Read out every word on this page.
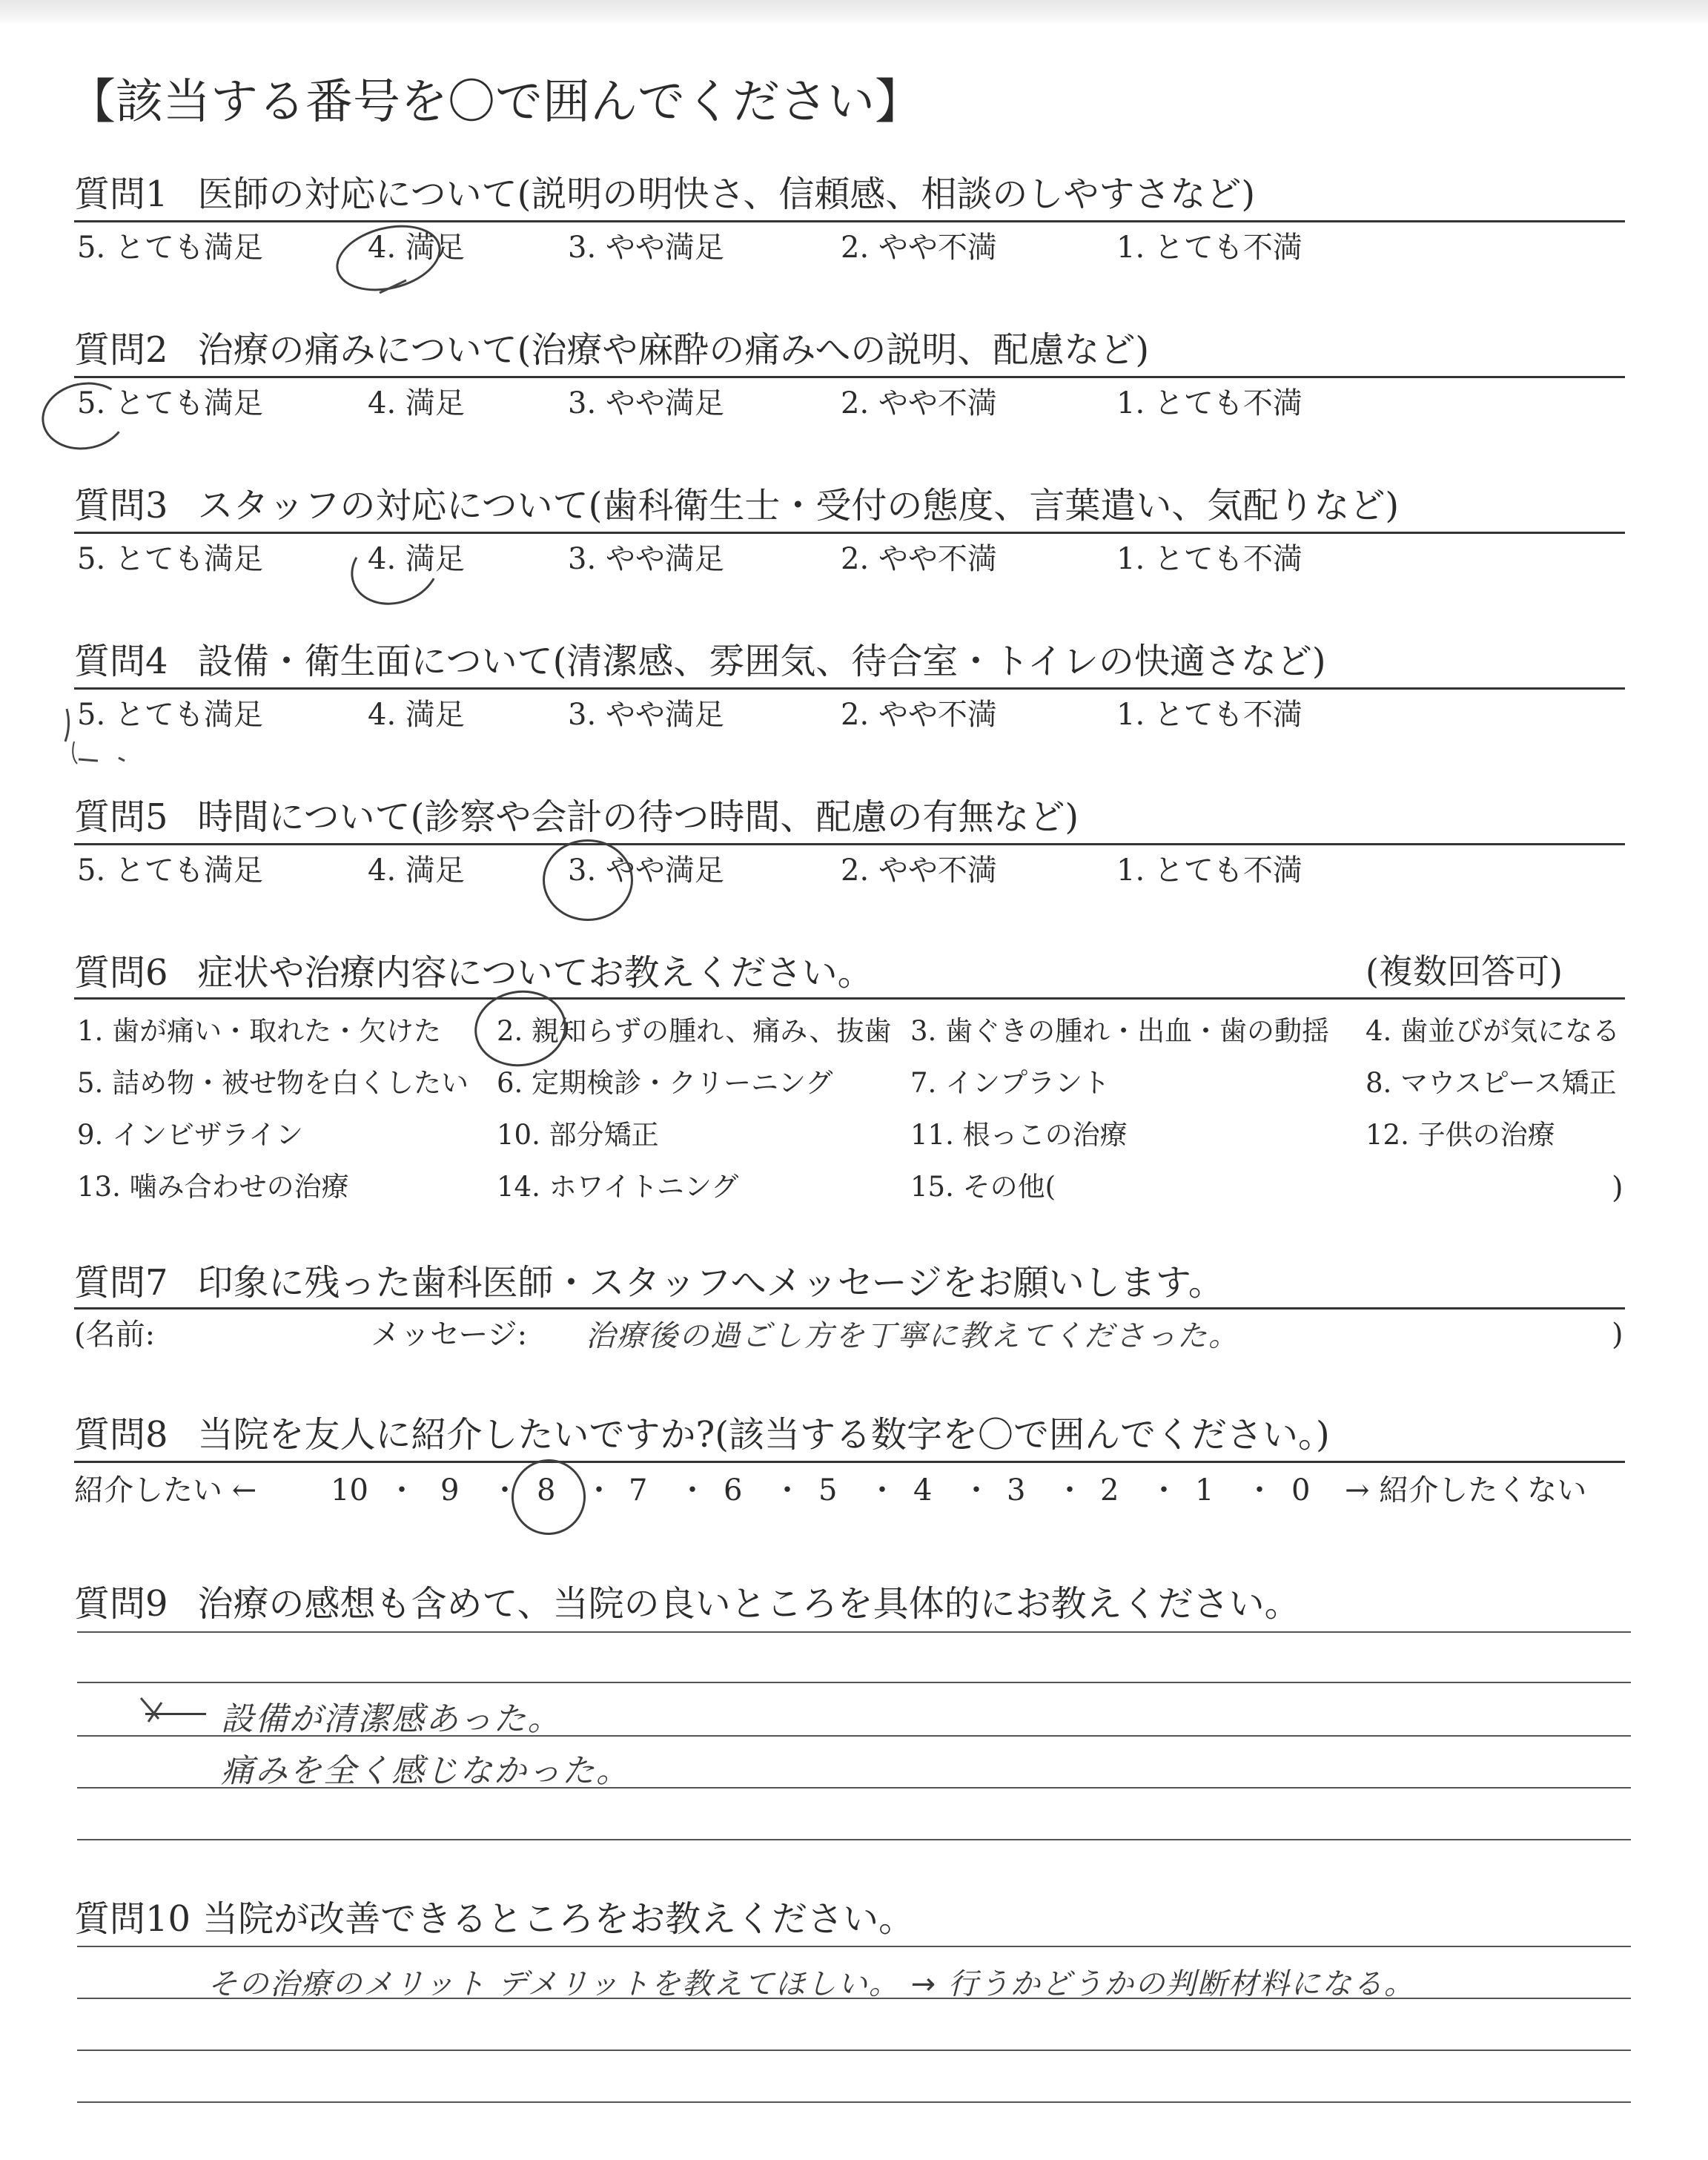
【該当する番号を〇で囲んでください】
質問1 医師の対応について(説明の明快さ、信頼感、相談のしやすさなど)
5. とても満足	4. 満足	3. やや満足	2. やや不満	1. とても不満
質問2 治療の痛みについて(治療や麻酔の痛みへの説明、配慮など)
5. とても満足	4. 満足	3. やや満足	2. やや不満	1. とても不満
質問3 スタッフの対応について(歯科衛生士・受付の態度、言葉遣い、気配りなど)
5. とても満足	4. 満足	3. やや満足	2. やや不満	1. とても不満
質問4 設備・衛生面について(清潔感、雰囲気、待合室・トイレの快適さなど)
5. とても満足	4. 満足	3. やや満足	2. やや不満	1. とても不満
質問5 時間について(診察や会計の待つ時間、配慮の有無など)
5. とても満足	4. 満足	3. やや満足	2. やや不満	1. とても不満
質問6 症状や治療内容についてお教えください。	(複数回答可)
1. 歯が痛い・取れた・欠けた 2. 親知らずの腫れ、痛み、抜歯 3. 歯ぐきの腫れ・出血・歯の動揺 4. 歯並びが気になる
5. 詰め物・被せ物を白くしたい 6. 定期検診・クリーニング	7. インプラント	8. マウスピース矯正
9. インビザライン	10. 部分矯正	11. 根っこの治療	12. 子供の治療
13. 噛み合わせの治療	14. ホワイトニング	15. その他(	)
質問7 印象に残った歯科医師・スタッフへメッセージをお願いします。
(名前:	メッセージ: 治療後の過ごし方を丁寧に教えてくださった。	)
質問8 当院を友人に紹介したいですか?(該当する数字を〇で囲んでください。)
紹介したい ← 10 ・ 9 ・ 8 ・ 7 ・ 6 ・ 5 ・ 4 ・ 3 ・ 2 ・ 1 ・ 0 → 紹介したくない
質問9 治療の感想も含めて、当院の良いところを具体的にお教えください。
設備が清潔感あった。
痛みを全く感じなかった。
質問10 当院が改善できるところをお教えください。
その治療のメリット デメリットを教えてほしい。 → 行うかどうかの判断材料になる。
